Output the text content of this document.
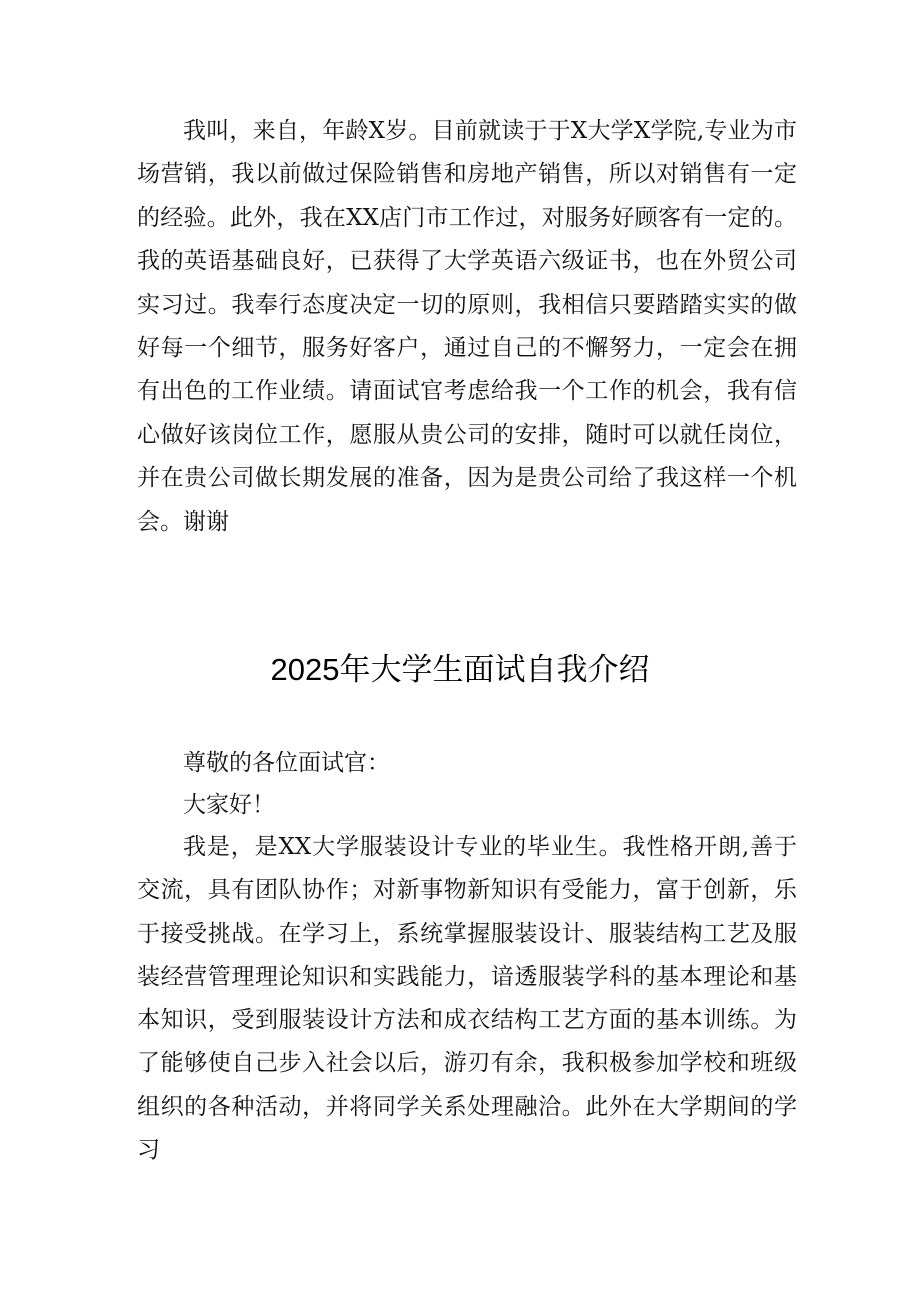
我叫，来自，年龄X岁。目前就读于于X大学X学院,专业为市场营销，我以前做过保险销售和房地产销售，所以对销售有一定的经验。此外，我在XX店门市工作过，对服务好顾客有一定的。我的英语基础良好，已获得了大学英语六级证书，也在外贸公司实习过。我奉行态度决定一切的原则，我相信只要踏踏实实的做好每一个细节，服务好客户，通过自己的不懈努力，一定会在拥有出色的工作业绩。请面试官考虑给我一个工作的机会，我有信心做好该岗位工作，愿服从贵公司的安排，随时可以就任岗位，并在贵公司做长期发展的准备，因为是贵公司给了我这样一个机会。谢谢

2025年大学生面试自我介绍

尊敬的各位面试官：

大家好！

我是，是XX大学服装设计专业的毕业生。我性格开朗,善于交流，具有团队协作；对新事物新知识有受能力，富于创新，乐于接受挑战。在学习上，系统掌握服装设计、服装结构工艺及服装经营管理理论知识和实践能力，谙透服装学科的基本理论和基本知识，受到服装设计方法和成衣结构工艺方面的基本训练。为了能够使自己步入社会以后，游刃有余，我积极参加学校和班级组织的各种活动，并将同学关系处理融洽。此外在大学期间的学习
